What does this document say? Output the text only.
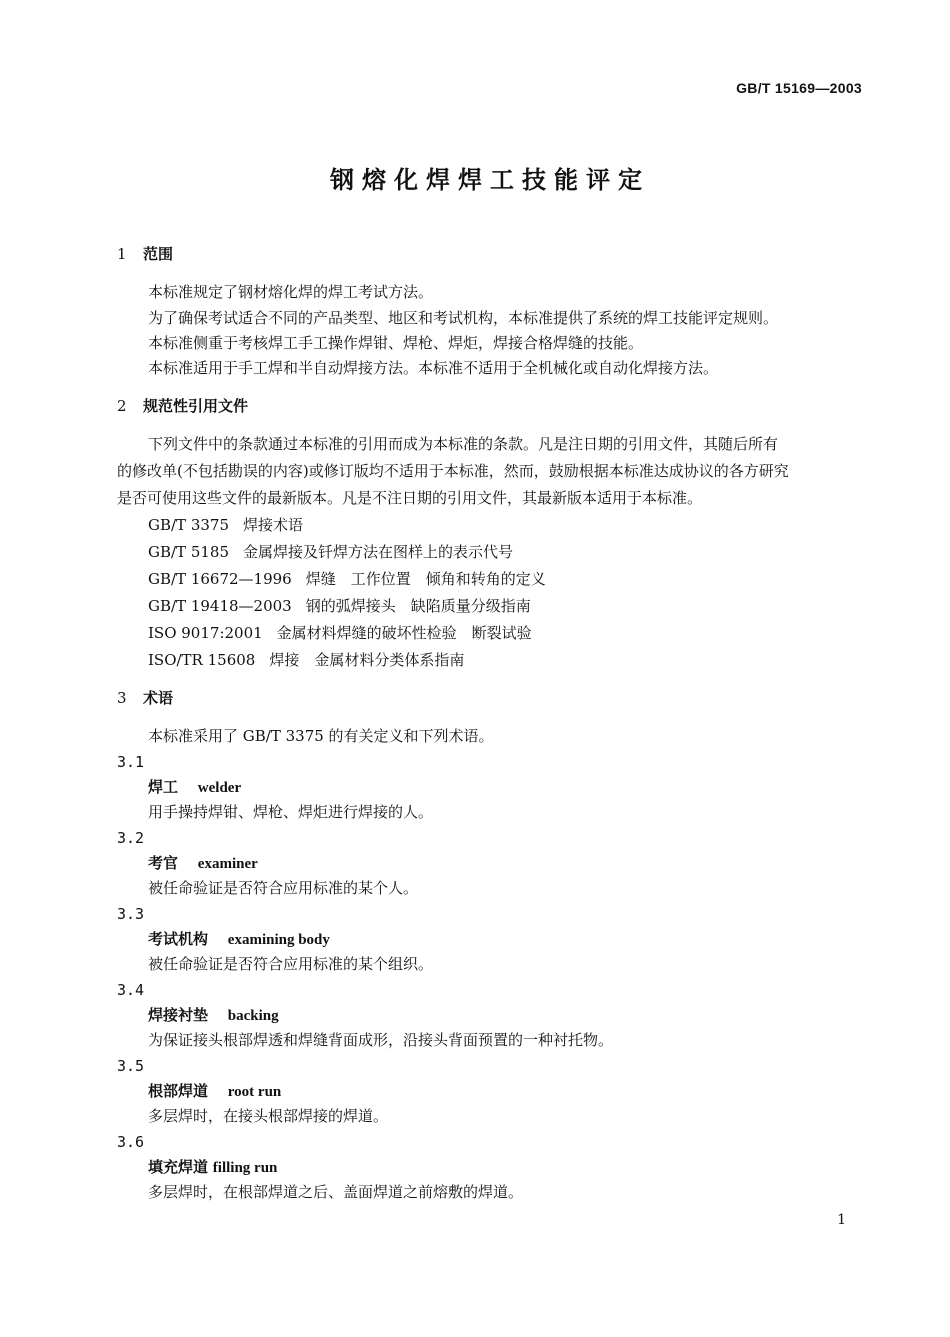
GB/T 15169—2003
钢熔化焊焊工技能评定
1 范围
本标准规定了钢材熔化焊的焊工考试方法。
为了确保考试适合不同的产品类型、地区和考试机构，本标准提供了系统的焊工技能评定规则。
本标准侧重于考核焊工手工操作焊钳、焊枪、焊炬，焊接合格焊缝的技能。
本标准适用于手工焊和半自动焊接方法。本标准不适用于全机械化或自动化焊接方法。
2 规范性引用文件
下列文件中的条款通过本标准的引用而成为本标准的条款。凡是注日期的引用文件，其随后所有
的修改单(不包括勘误的内容)或修订版均不适用于本标准，然而，鼓励根据本标准达成协议的各方研究
是否可使用这些文件的最新版本。凡是不注日期的引用文件，其最新版本适用于本标准。
GB/T 3375 焊接术语
GB/T 5185 金属焊接及钎焊方法在图样上的表示代号
GB/T 16672—1996 焊缝　工作位置　倾角和转角的定义
GB/T 19418—2003 钢的弧焊接头　缺陷质量分级指南
ISO 9017:2001 金属材料焊缝的破坏性检验　断裂试验
ISO/TR 15608 焊接　金属材料分类体系指南
3 术语
本标准采用了 GB/T 3375 的有关定义和下列术语。
3.1
焊工　 welder
用手操持焊钳、焊枪、焊炬进行焊接的人。
3.2
考官　 examiner
被任命验证是否符合应用标准的某个人。
3.3
考试机构　 examining body
被任命验证是否符合应用标准的某个组织。
3.4
焊接衬垫　 backing
为保证接头根部焊透和焊缝背面成形，沿接头背面预置的一种衬托物。
3.5
根部焊道　 root run
多层焊时，在接头根部焊接的焊道。
3.6
填充焊道 filling run
多层焊时，在根部焊道之后、盖面焊道之前熔敷的焊道。
1
